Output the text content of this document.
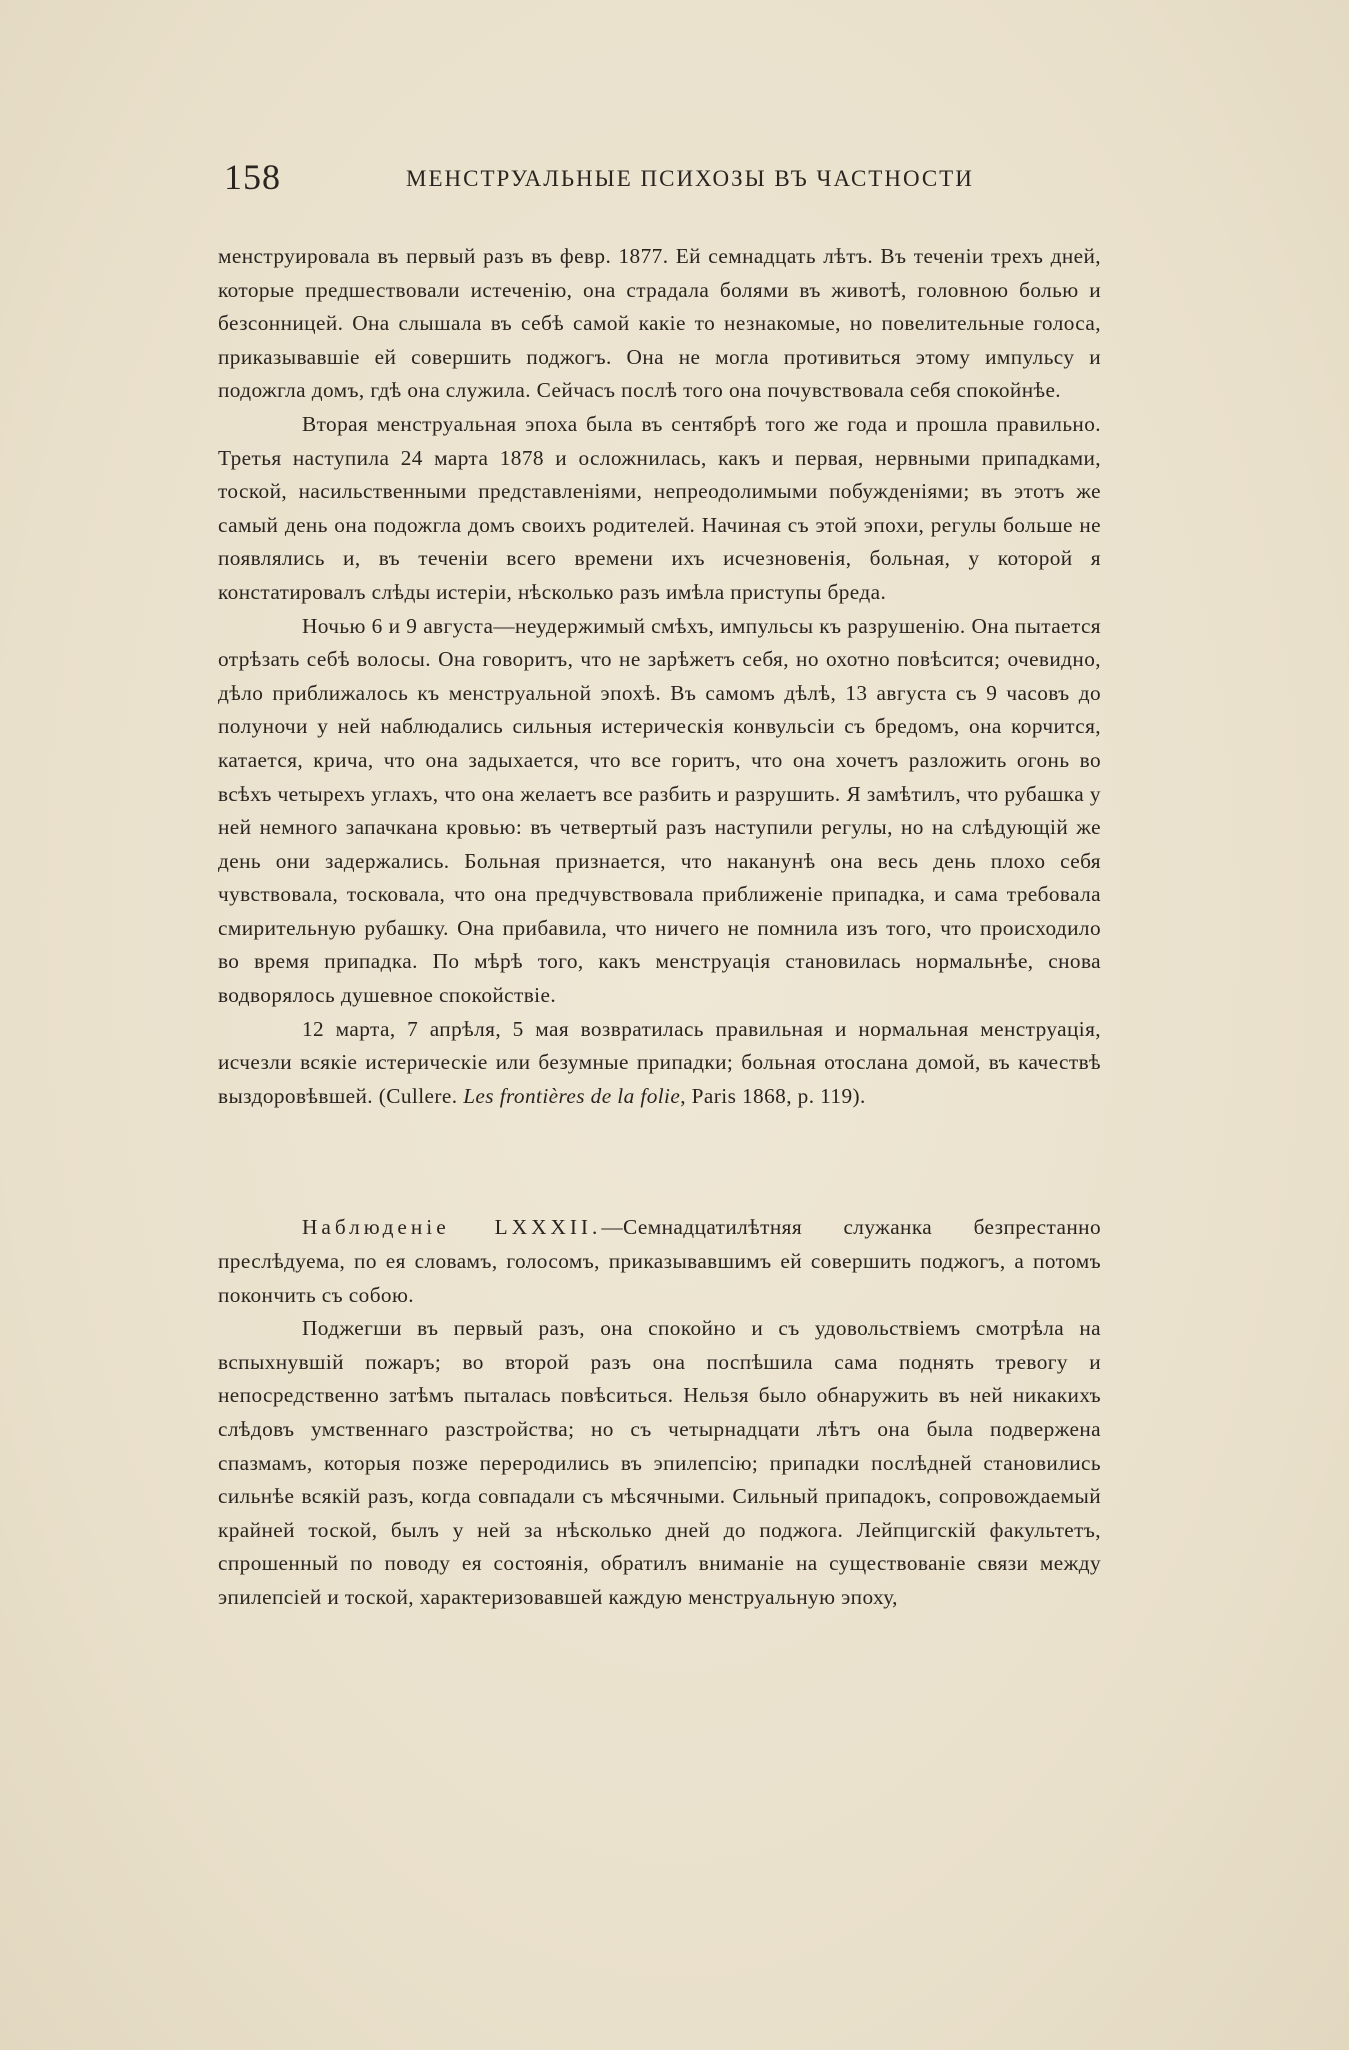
158	МЕНСТРУАЛЬНЫЕ ПСИХОЗЫ ВЪ ЧАСТНОСТИ

менструировала въ первый разъ въ февр. 1877. Ей семнадцать лѣтъ. Въ теченіи трехъ дней, которые предшествовали истеченію, она страдала болями въ животѣ, головною болью и безсонницей. Она слышала въ себѣ самой какіе то незнакомые, но повелительные голоса, приказывавшіе ей совершить поджогъ. Она не могла противиться этому импульсу и подожгла домъ, гдѣ она служила. Сейчасъ послѣ того она почувствовала себя спокойнѣе.

Вторая менструальная эпоха была въ сентябрѣ того же года и прошла правильно. Третья наступила 24 марта 1878 и осложнилась, какъ и первая, нервными припадками, тоской, насильственными представленіями, непреодолимыми побужденіями; въ этотъ же самый день она подожгла домъ своихъ родителей. Начиная съ этой эпохи, регулы больше не появлялись и, въ теченіи всего времени ихъ исчезновенія, больная, у которой я констатировалъ слѣды истеріи, нѣсколько разъ имѣла приступы бреда.

Ночью 6 и 9 августа—неудержимый смѣхъ, импульсы къ разрушенію. Она пытается отрѣзать себѣ волосы. Она говоритъ, что не зарѣжетъ себя, но охотно повѣсится; очевидно, дѣло приближалось къ менструальной эпохѣ. Въ самомъ дѣлѣ, 13 августа съ 9 часовъ до полуночи у ней наблюдались сильныя истерическія конвульсіи съ бредомъ, она корчится, катается, крича, что она задыхается, что все горитъ, что она хочетъ разложить огонь во всѣхъ четырехъ углахъ, что она желаетъ все разбить и разрушить. Я замѣтилъ, что рубашка у ней немного запачкана кровью: въ четвертый разъ наступили регулы, но на слѣдующій же день они задержались. Больная признается, что наканунѣ она весь день плохо себя чувствовала, тосковала, что она предчувствовала приближеніе припадка, и сама требовала смирительную рубашку. Она прибавила, что ничего не помнила изъ того, что происходило во время припадка. По мѣрѣ того, какъ менструація становилась нормальнѣе, снова водворялось душевное спокойствіе.

12 марта, 7 апрѣля, 5 мая возвратилась правильная и нормальная менструація, исчезли всякіе истерическіе или безумные припадки; больная отослана домой, въ качествѣ выздоровѣвшей. (Cullere. Les frontières de la folie, Paris 1868, p. 119).

Наблюденіе LXXXII.—Семнадцатилѣтняя служанка безпрестанно преслѣдуема, по ея словамъ, голосомъ, приказывавшимъ ей совершить поджогъ, а потомъ покончить съ собою.

Поджегши въ первый разъ, она спокойно и съ удовольствіемъ смотрѣла на вспыхнувшій пожаръ; во второй разъ она поспѣшила сама поднять тревогу и непосредственно затѣмъ пыталась повѣситься. Нельзя было обнаружить въ ней никакихъ слѣдовъ умственнаго разстройства; но съ четырнадцати лѣтъ она была подвержена спазмамъ, которыя позже переродились въ эпилепсію; припадки послѣдней становились сильнѣе всякій разъ, когда совпадали съ мѣсячными. Сильный припадокъ, сопровождаемый крайней тоской, былъ у ней за нѣсколько дней до поджога. Лейпцигскій факультетъ, спрошенный по поводу ея состоянія, обратилъ вниманіе на существованіе связи между эпилепсіей и тоской, характеризовавшей каждую менструальную эпоху,
